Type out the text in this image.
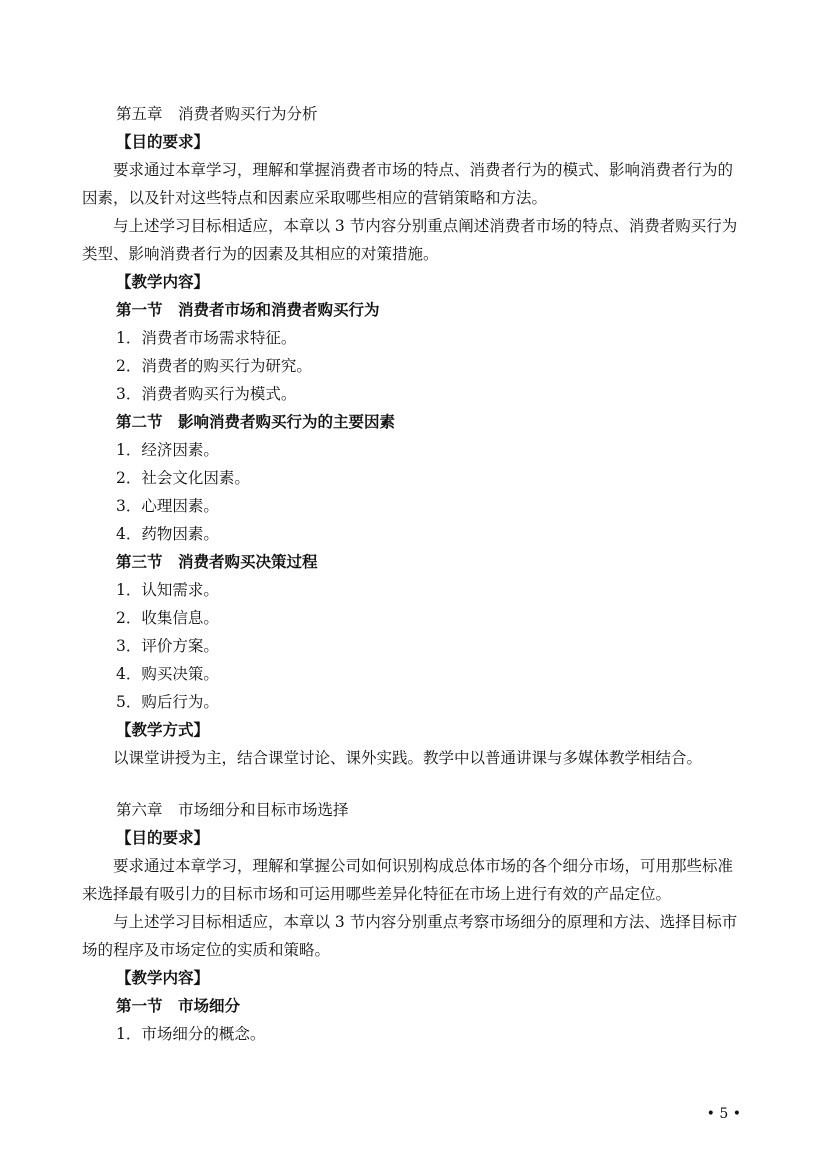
第五章　消费者购买行为分析
【目的要求】

要求通过本章学习，理解和掌握消费者市场的特点、消费者行为的模式、影响消费者行为的因素，以及针对这些特点和因素应采取哪些相应的营销策略和方法。

与上述学习目标相适应，本章以 3 节内容分别重点阐述消费者市场的特点、消费者购买行为类型、影响消费者行为的因素及其相应的对策措施。

【教学内容】
第一节　消费者市场和消费者购买行为
1．消费者市场需求特征。
2．消费者的购买行为研究。
3．消费者购买行为模式。
第二节　影响消费者购买行为的主要因素
1．经济因素。
2．社会文化因素。
3．心理因素。
4．药物因素。
第三节　消费者购买决策过程
1．认知需求。
2．收集信息。
3．评价方案。
4．购买决策。
5．购后行为。
【教学方式】

以课堂讲授为主，结合课堂讨论、课外实践。教学中以普通讲课与多媒体教学相结合。

第六章　市场细分和目标市场选择
【目的要求】

要求通过本章学习，理解和掌握公司如何识别构成总体市场的各个细分市场，可用那些标准来选择最有吸引力的目标市场和可运用哪些差异化特征在市场上进行有效的产品定位。

与上述学习目标相适应，本章以 3 节内容分别重点考察市场细分的原理和方法、选择目标市场的程序及市场定位的实质和策略。

【教学内容】
第一节　市场细分
1．市场细分的概念。
• 5 •
